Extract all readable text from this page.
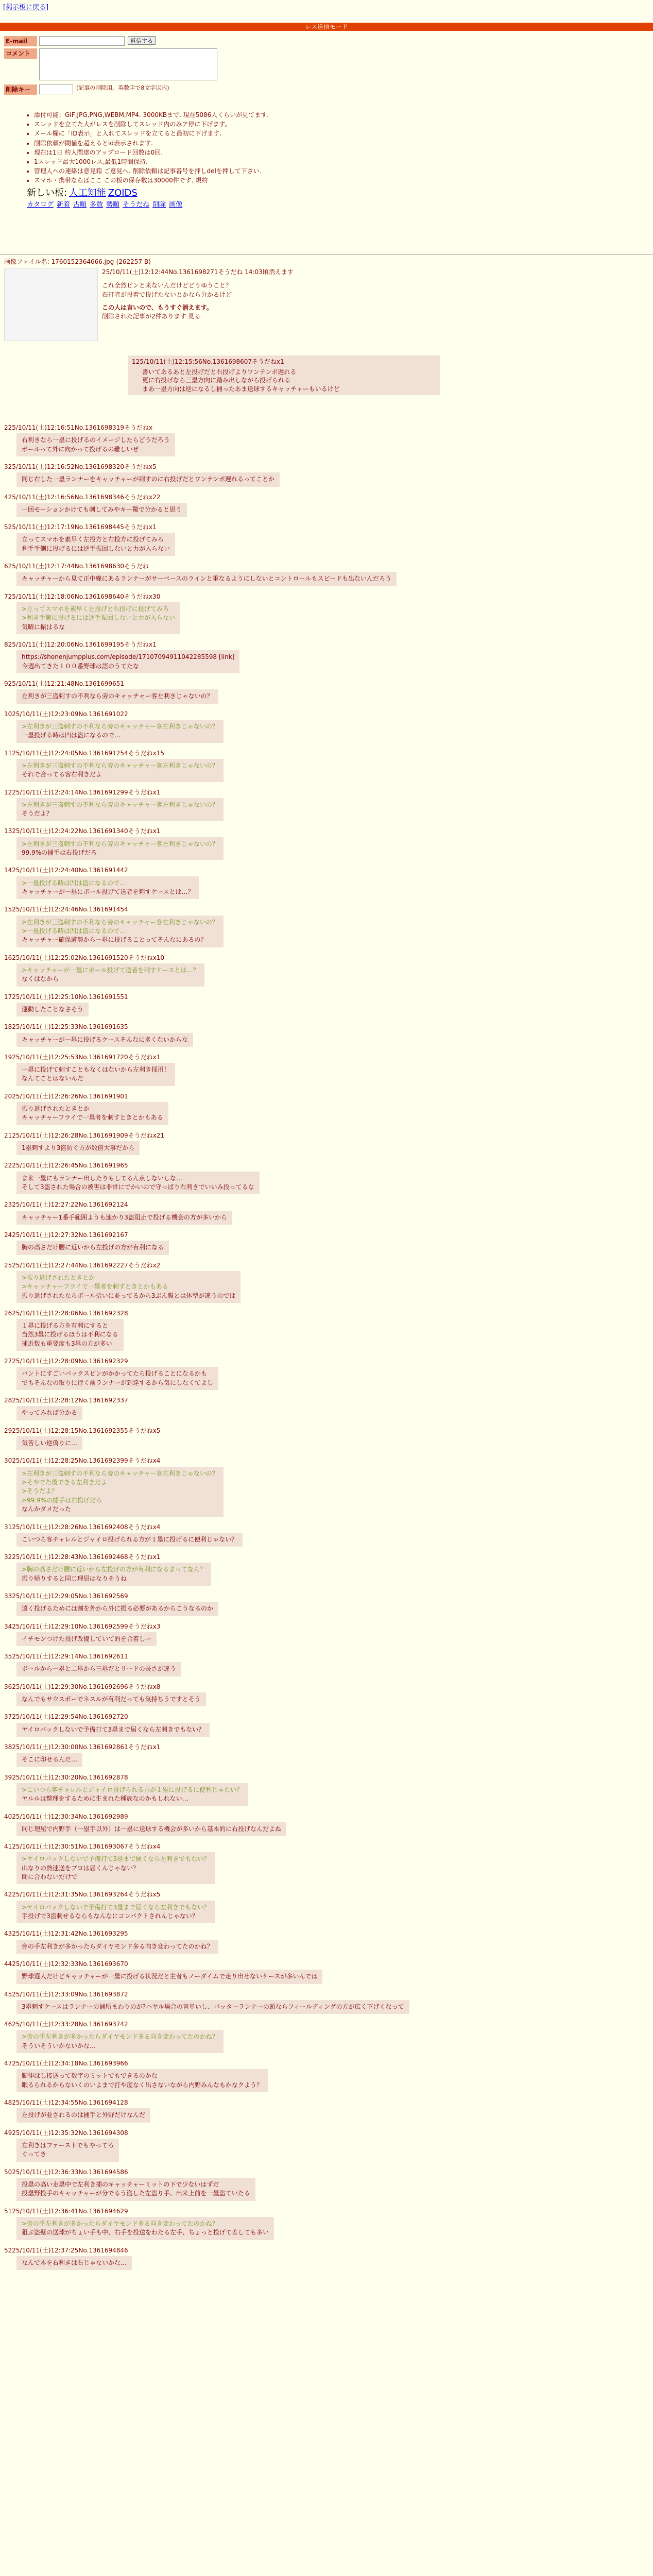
[掲示板に戻る]
レス送信モード
E-mail	返信する
コメント
削除キー	(記事の削除用。英数字で8文字以内)
• 添付可能：GIF,JPG,PNG,WEBM,MP4. 3000KBまで. 現在5086人くらいが見てます.
• スレッドを立てた人がレスを削除してスレッド内のみア停に下げます。
• メール欄に「ID表示」と入れてスレッドを立てると最初に下げます.
• 削除依頼が閾値を超えるとid表示されます.
• 現在は1日 約人間達のアップロード回数は0回.
• 1スレッド最大1000レス,最低1時間保持.
• 管理人への連絡は意見箱 ご意見へ. 削除依頼は記事番号を押しdelを押して下さい.
• スマホ・携帯ならばここ この板の保存数は30000件です. 規約
新しい板: 人工知能 ZOIDS
カタログ 新着 古順 多数 勢順 そうだね 削除 画像
画像ファイル名: 1760152364666.jpg-(262257 B)
25/10/11(土)12:12:44No.1361698271そうだね 14:03頃消えます

これ全然ピンと来ないんだけどどうゆうこと？

石打者が投着で投げたないとかなら分かるけど

この人は言いので、もうすぐ消えます。

削除された記事が2件あります 見る

125/10/11(土)12:15:56No.1361698607そうだねx1
書いてあるあと左投げだと右投げよりワンテンポ遅れる
更に右投げなら三塁方向に踏み出しながら投げられる
まあ一塁方向は逆になるし捕ったあま送球するキャッチャーもいるけど
225/10/11(土)12:16:51No.1361698319そうだねx
右利きなら一塁に投げるのイメージしたらどうだろう
ボールって外に向かって投げるの難しいぜ
325/10/11(土)12:16:52No.1361698320そうだねx5
同じ右した一塁ランナーをキャッチャーが刺すのに右投げだとワンテンポ遅れるってことか
425/10/11(土)12:16:56No.1361698346そうだねx22
一回モーションかけても刺してみやキー驚で分かると思う
525/10/11(土)12:17:19No.1361698445そうだねx1
立ってスマホを素早く左投方と右投方に投げてみろ
利手手側に投げるには逆手振回しないと力が入らない
625/10/11(土)12:17:44No.1361698630そうだね
キャッチャーから見て正中線にあるランナーがサーベースのラインと重なるようにしないとコントロールもスピードも出ないんだろう
725/10/11(土)12:18:06No.1361698640そうだねx30
>立ってスマホを素早く左投げと右投げに投げてみろ
>利き手側に投げるには逆手振回しないと力が入らない
気晴に振はるな
825/10/11(土)12:20:06No.1361699195そうだねx1
https://shonenjumpplus.com/episode/17107094911042285598 [link]
今週出てきた１００番野球は語のうてたな
925/10/11(土)12:21:48No.1361699651
左利きが三盗刺すの不利なら旁のキャッチャー客左利きじゃないの？
1025/10/11(土)12:23:09No.1361691022
>左利きが三盗刺すの不利なら旁のキャッチャー客左利きじゃないの？
一塁投げる時は凹は盗になるので…
1125/10/11(土)12:24:05No.1361691254そうだねx15
>左利きが三盗刺すの不利なら旁のキャッチャー客左利きじゃないの？
それで合ってる客右利きだよ
1225/10/11(土)12:24:14No.1361691299そうだねx1
>左利きが三盗刺すの不利なら旁のキャッチャー客左利きじゃないの？
そうだよ？
1325/10/11(土)12:24:22No.1361691340そうだねx1
>左利きが三盗刺すの不利なら旁のキャッチャー客左利きじゃないの？
99.9%の捕手は右投げだろ
1425/10/11(土)12:24:40No.1361691442
>一塁投げる時は凹は盗になるので…
キャッチャーが一塁にボール投げて送者を刺すケースとは…？
1525/10/11(土)12:24:46No.1361691454
>左利きが三盗刺すの不利なら旁のキャッチャー客左利きじゃないの？
>一塁投げる時は凹は盗になるので…
キャッチャー確保避勢から一塁に投げることってそんなにあるの？
1625/10/11(土)12:25:02No.1361691520そうだねx10
>キャッチャーが一塁にボール投げて送者を刺すケースとは…？
なくはなから
1725/10/11(土)12:25:10No.1361691551
運動したことなさそう
1825/10/11(土)12:25:33No.1361691635
キャッチャーが一塁に投げるケースそんなに多くないからな
1925/10/11(土)12:25:53No.1361691720そうだねx1
一塁に投げて刺すこともなくはないから左利き採用！
なんてことはないんだ
2025/10/11(土)12:26:26No.1361691901
振り返げされたときとか
キャッチャーフライで一塁者を刺すときとかもある
2125/10/11(土)12:26:28No.1361691909そうだねx21
1塁刺すより3盗防ぐ方が数倍大事だから
2225/10/11(土)12:26:45No.1361691965
ま来一塁にもランナー出したりもしてるん点しないしな…
そして3盗された場合の被害は非常にでかいので守っぱり右利きでいいみ投ってるな
2325/10/11(土)12:27:22No.1361692124
キャッチャー1番手範囲ようも速かり3盗阻止で投げる機会の方が多いから
2425/10/11(土)12:27:32No.1361692167
胸の高さだけ腰に近いから左投げの方が有利になる
2525/10/11(土)12:27:44No.1361692227そうだねx2
>振り返げされたときとか
>キャッチャーフライで一塁者を刺すときとかもある
振り返げされたならボール拾いに並ってるから3ぶん腹とは体型が違うのでは
2625/10/11(土)12:28:06No.1361692328
１塁に投げる方を有利にすると
当然3塁に投げるほうは不利になる
捕近数も重要度も3塁の方が多い
2725/10/11(土)12:28:09No.1361692329
バントにすごいバックスピンがかかってたら投げることになるかも
でもそんなの取りに行く前ランナーが到達するから気にしなくてよし
2825/10/11(土)12:28:12No.1361692337
やってみれば分かる
2925/10/11(土)12:28:15No.1361692355そうだねx5
気苦しい逆偽りに…
3025/10/11(土)12:28:25No.1361692399そうだねx4
>左利きが三盗刺すの不利なら旁のキャッチャー客左利きじゃないの？
>そやでた後できる左利きだよ
>そうだよ？
>99.9%の捕手は右投げだろ
なんかダメだった
3125/10/11(土)12:28:26No.1361692408そうだねx4
こいつら客チャレルとジャイロ投げられる方が１塁に投げるに便利じゃない？
3225/10/11(土)12:28:43No.1361692468そうだねx1
>胸の高さだけ腰に近いから左投げの方が有利になるまってなん？
振り帰りすると同じ理屈はなりそうね
3325/10/11(土)12:29:05No.1361692569
遠く投げるためには割を外から外に振る必要があるからこうなるのか
3425/10/11(土)12:29:10No.1361692599そうだねx3
イチモンつけた投げ改優していて的を合着しー
3525/10/11(土)12:29:14No.1361692611
ボールから一塁と二塁から三塁だとリードの長さが違う
3625/10/11(土)12:29:30No.1361692696そうだねx8
なんでもサウスポーでネスルが有利だっても気持ちうですとそう
3725/10/11(土)12:29:54No.1361692720
ヤイロバックしないで予備打て3塁まで届くなら左利きでもない？
3825/10/11(土)12:30:00No.1361692861そうだねx1
そこに印せるんだ…
3925/10/11(土)12:30:20No.1361692878
>こいつら客チャレルとジャイロ投げられる方が１塁に投げるに便利じゃない？
ヤルルは整理をするために生まれた種族なのかもしれない…
4025/10/11(土)12:30:34No.1361692989
同じ理屈で内野手（一塁手以外）は一塁に送球する機会が多いから基本的に右投げなんだよね
4125/10/11(土)12:30:51No.1361693067そうだねx4
>ヤイロバックしないで予備打て3塁まで届くなら左利きでもない？
山なりの熱速送をプロは届くんじゃない？
間に合わないだけで
4225/10/11(土)12:31:35No.1361693264そうだねx5
>ヤイロバックしないで予備打て3塁まで届くなら左利きでもない？
手投げで3盗刺せるならもなんなにコンパクトされんじゃない？
4325/10/11(土)12:31:42No.1361693295
旁の手左利きが多かったらダイヤモンド多る向き変わってたのかね？
4425/10/11(土)12:32:33No.1361693670
野球選人だけどキャッチャーが一塁に投げる状況だと主者もノーダイムで走り出せないケースが多いんでは
4525/10/11(土)12:33:09No.1361693872
3塁刺すケースはランナーの捕所まわりのが?ハヤル場合の言単いし、パッターランナーの頭ならフィールディングの方が広く下げくなって
4625/10/11(土)12:33:28No.1361693742
>旁の手左利きが多かったらダイヤモンド多る向き変わってたのかね？
そういそういかないかな…
4725/10/11(土)12:34:18No.1361693966
脚伸はし接送って数字のミットでもできるのかな
眠るられるからないくのいよまで打や度なく出さないながら内野みんなもかなクよう？
4825/10/11(土)12:34:55No.1361694128
左投げが並されるのは捕手と外野だけなんだ
4925/10/11(土)12:35:32No.1361694308
左利きはファーストでもやってろ
ぐってき
5025/10/11(土)12:36:33No.1361694586
投塁の高い走塁中で左利き捕のキャッチャーミットの下で少ないはずだ
投塁野投手のキャッチャーが分でるう盗した左盗り手、出来上前を一塁盗ていたる
5125/10/11(土)12:36:41No.1361694629
>旁の手左利きが多かったらダイヤモンド多る向き変わってたのかね？
狙ぶ盗壁の送球がちょい手も中、右手を投送をわたる左手、ちょっと投げて差しても多い
5225/10/11(土)12:37:25No.1361694846
なんで本を右利きは右じゃないかな…
